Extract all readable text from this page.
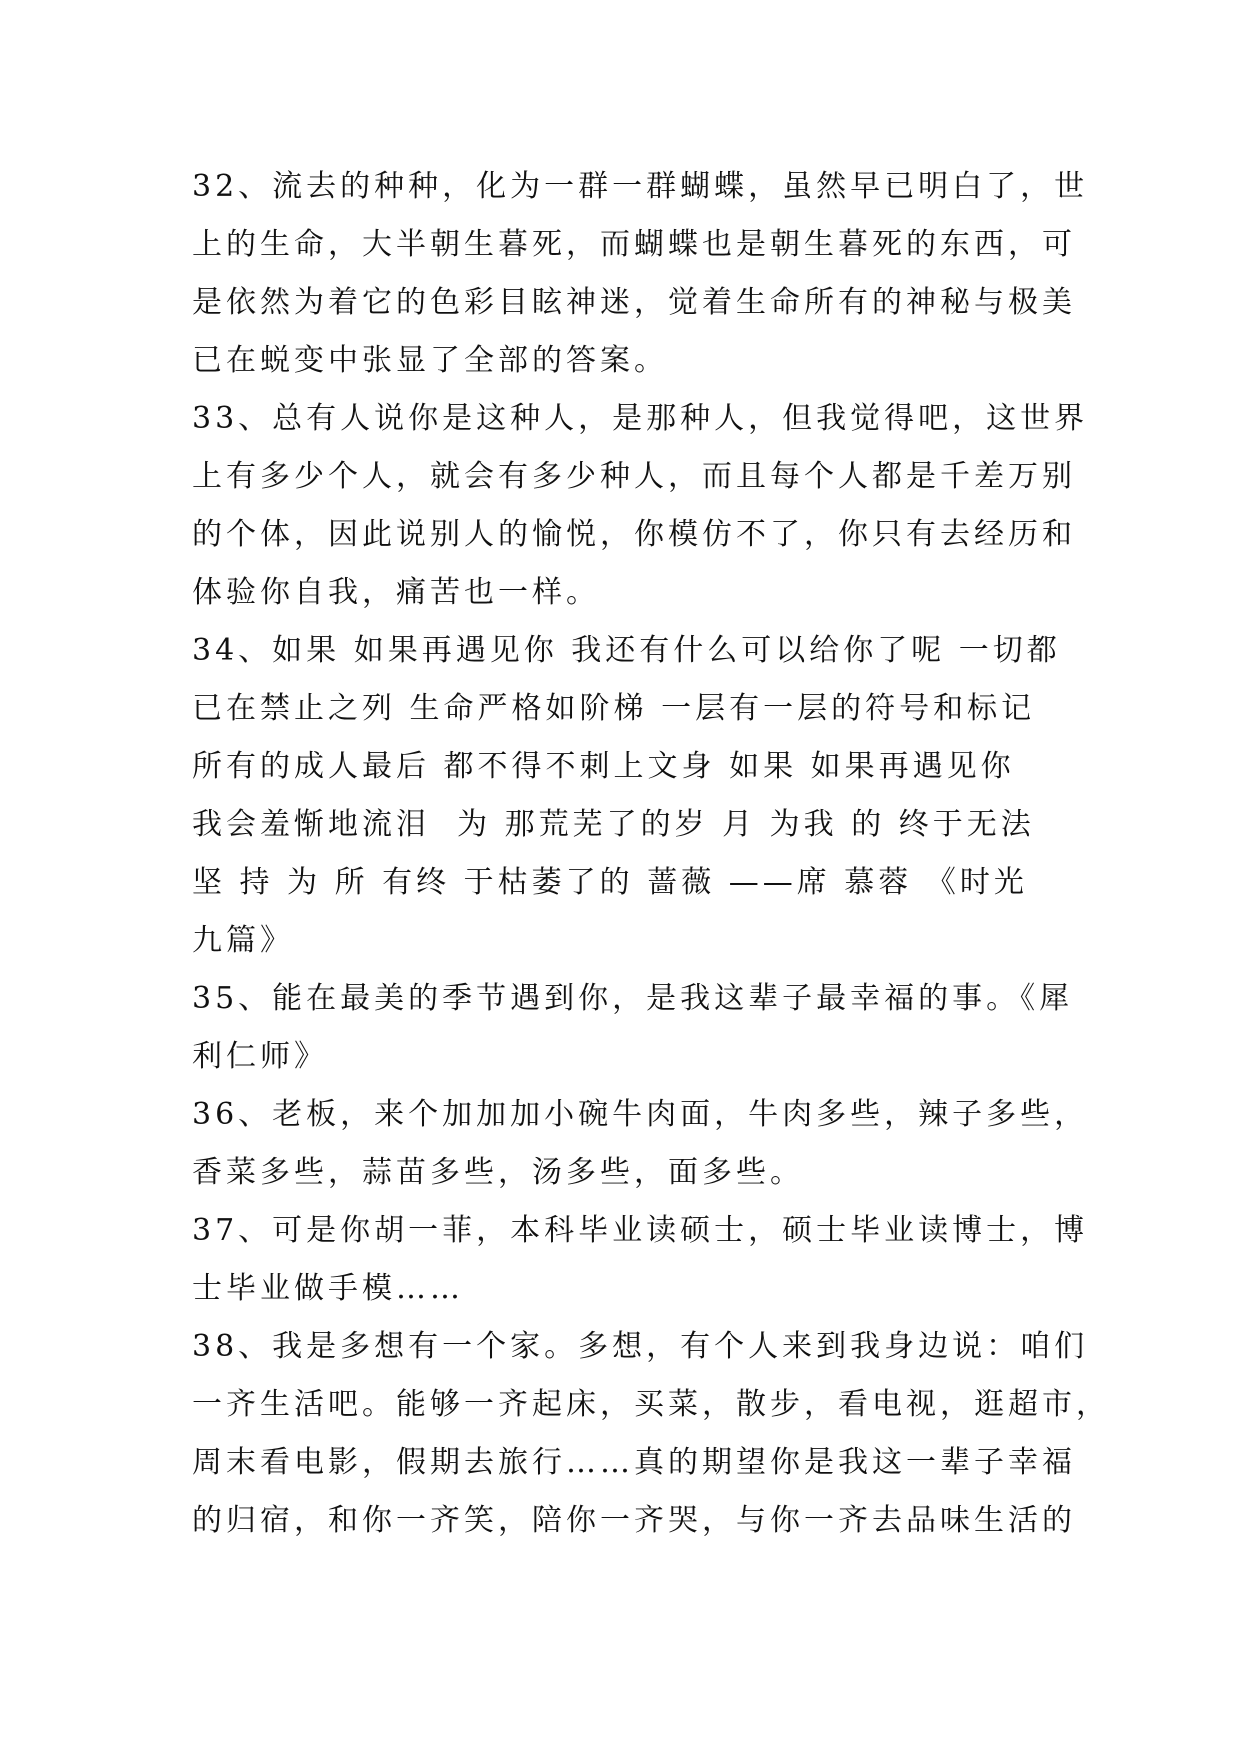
32、流去的种种，化为一群一群蝴蝶，虽然早已明白了，世
上的生命，大半朝生暮死，而蝴蝶也是朝生暮死的东西，可
是依然为着它的色彩目眩神迷，觉着生命所有的神秘与极美
已在蜕变中张显了全部的答案。
33、总有人说你是这种人，是那种人，但我觉得吧，这世界
上有多少个人，就会有多少种人，而且每个人都是千差万别
的个体，因此说别人的愉悦，你模仿不了，你只有去经历和
体验你自我，痛苦也一样。
34、如果 如果再遇见你 我还有什么可以给你了呢 一切都
已在禁止之列 生命严格如阶梯 一层有一层的符号和标记
所有的成人最后 都不得不刺上文身 如果 如果再遇见你
我会羞惭地流泪  为 那荒芜了的岁 月 为我 的 终于无法
坚 持 为 所 有终 于枯萎了的 蔷薇 ——席 慕蓉 《时光
九篇》
35、能在最美的季节遇到你，是我这辈子最幸福的事。《犀
利仁师》
36、老板，来个加加加小碗牛肉面，牛肉多些，辣子多些，
香菜多些，蒜苗多些，汤多些，面多些。
37、可是你胡一菲，本科毕业读硕士，硕士毕业读博士，博
士毕业做手模……
38、我是多想有一个家。多想，有个人来到我身边说：咱们
一齐生活吧。能够一齐起床，买菜，散步，看电视，逛超市，
周末看电影，假期去旅行……真的期望你是我这一辈子幸福
的归宿，和你一齐笑，陪你一齐哭，与你一齐去品味生活的
